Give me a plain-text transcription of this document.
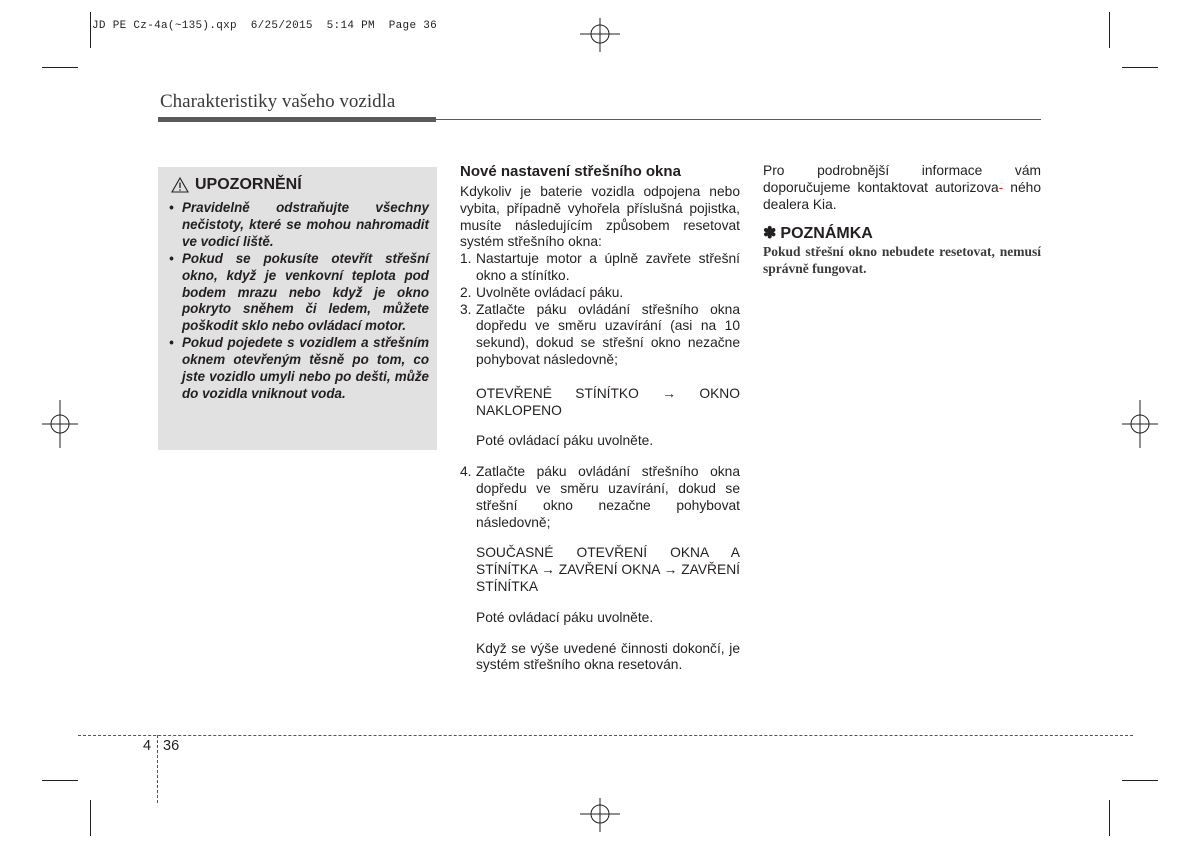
JD PE Cz-4a(~135).qxp  6/25/2015  5:14 PM  Page 36
Charakteristiky vašeho vozidla
UPOZORNĚNÍ
• Pravidelně odstraňujte všechny nečistoty, které se mohou nahromadit ve vodicí liště.
• Pokud se pokusíte otevřít střešní okno, když je venkovní teplota pod bodem mrazu nebo když je okno pokryto sněhem či ledem, můžete poškodit sklo nebo ovládací motor.
• Pokud pojedete s vozidlem a střešním oknem otevřeným těsně po tom, co jste vozidlo umyli nebo po dešti, může do vozidla vniknout voda.
Nové nastavení střešního okna

Kdykoliv je baterie vozidla odpojena nebo vybita, případně vyhořela příslušná pojistka, musíte následujícím způsobem resetovat systém střešního okna:

1. Nastartuje motor a úplně zavřete střešní okno a stínítko.
2. Uvolněte ovládací páku.
3. Zatlačte páku ovládání střešního okna dopředu ve směru uzavírání (asi na 10 sekund), dokud se střešní okno nezačne pohybovat následovně;

OTEVŘENÉ STÍNÍTKO → OKNO NAKLOPENO

Poté ovládací páku uvolněte.

4. Zatlačte páku ovládání střešního okna dopředu ve směru uzavírání, dokud se střešní okno nezačne pohybovat následovně;

SOUČASNÉ OTEVŘENÍ OKNA A STÍNÍTKA → ZAVŘENÍ OKNA → ZAVŘENÍ STÍNÍTKA

Poté ovládací páku uvolněte.

Když se výše uvedené činnosti dokončí, je systém střešního okna resetován.

Pro podrobnější informace vám doporučujeme kontaktovat autorizova- ného dealera Kia.

✽ POZNÁMKA

Pokud střešní okno nebudete resetovat, nemusí správně fungovat.

4 36
